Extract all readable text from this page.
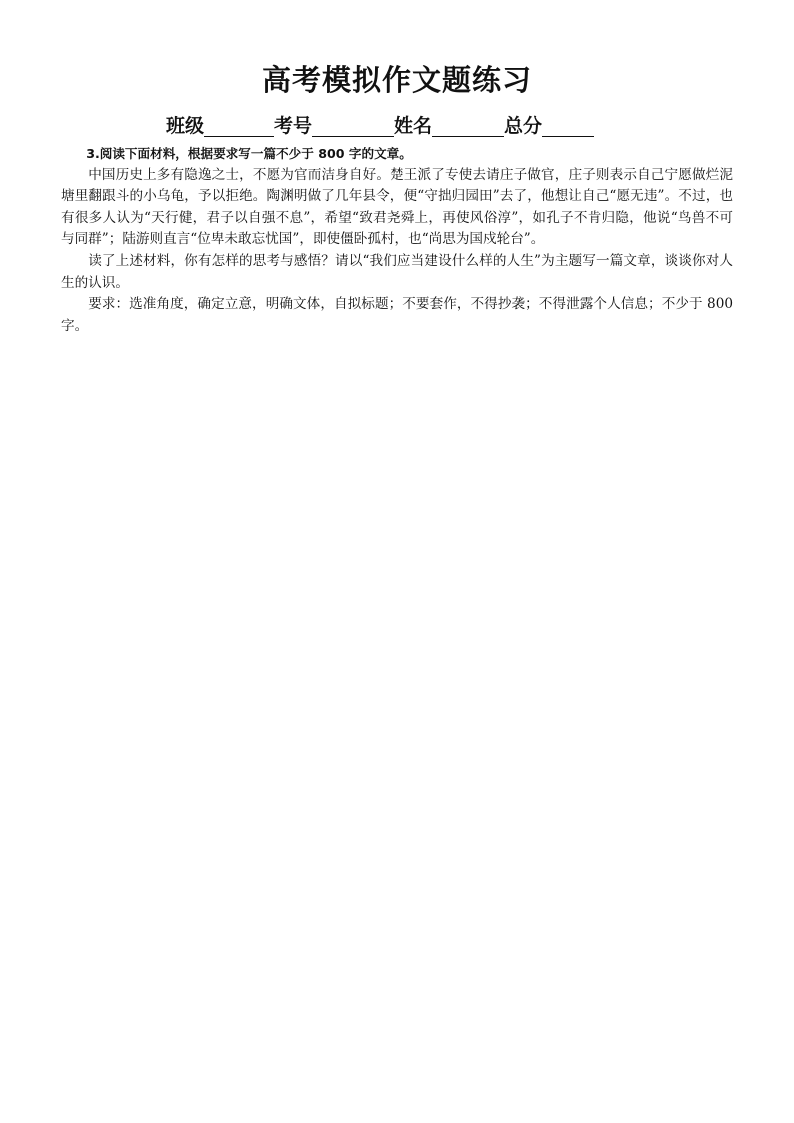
高考模拟作文题练习
班级	考号	姓名	总分

3.阅读下面材料，根据要求写一篇不少于 800 字的文章。

中国历史上多有隐逸之士，不愿为官而洁身自好。楚王派了专使去请庄子做官，庄子则表示自己宁愿做烂泥塘里翻跟斗的小乌龟，予以拒绝。陶渊明做了几年县令，便“守拙归园田”去了，他想让自己“愿无违”。不过，也有很多人认为“天行健，君子以自强不息”，希望“致君尧舜上，再使风俗淳”，如孔子不肯归隐，他说“鸟兽不可与同群”；陆游则直言“位卑未敢忘忧国”，即使僵卧孤村，也“尚思为国戍轮台”。

读了上述材料，你有怎样的思考与感悟？请以“我们应当建设什么样的人生”为主题写一篇文章，谈谈你对人生的认识。

要求：选准角度，确定立意，明确文体，自拟标题；不要套作，不得抄袭；不得泄露个人信息；不少于 800 字。
